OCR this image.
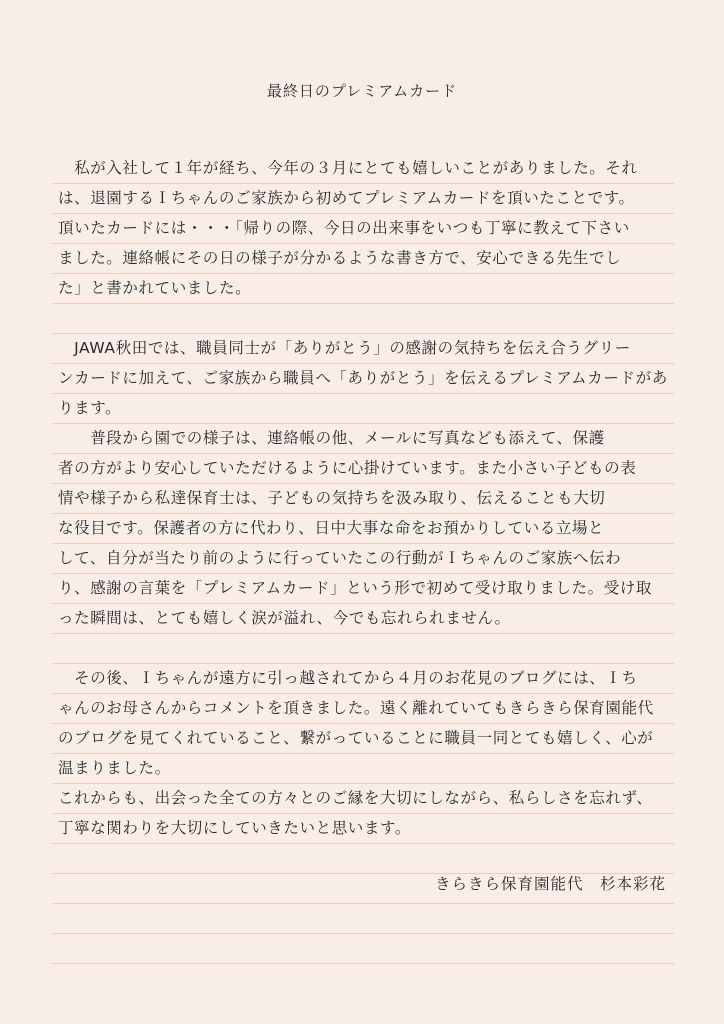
最終日のプレミアムカード
　私が入社して１年が経ち、今年の３月にとても嬉しいことがありました。それ
は、退園するＩちゃんのご家族から初めてプレミアムカードを頂いたことです。
頂いたカードには・・・「帰りの際、今日の出来事をいつも丁寧に教えて下さい
ました。連絡帳にその日の様子が分かるような書き方で、安心できる先生でし
た」と書かれていました。
　JAWA秋田では、職員同士が「ありがとう」の感謝の気持ちを伝え合うグリー
ンカードに加えて、ご家族から職員へ「ありがとう」を伝えるプレミアムカードがあ
ります。
　　普段から園での様子は、連絡帳の他、メールに写真なども添えて、保護
者の方がより安心していただけるように心掛けています。また小さい子どもの表
情や様子から私達保育士は、子どもの気持ちを汲み取り、伝えることも大切
な役目です。保護者の方に代わり、日中大事な命をお預かりしている立場と
して、自分が当たり前のように行っていたこの行動がＩちゃんのご家族へ伝わ
り、感謝の言葉を「プレミアムカード」という形で初めて受け取りました。受け取
った瞬間は、とても嬉しく涙が溢れ、今でも忘れられません。
　その後、Ｉちゃんが遠方に引っ越されてから４月のお花見のブログには、Ｉち
ゃんのお母さんからコメントを頂きました。遠く離れていてもきらきら保育園能代
のブログを見てくれていること、繋がっていることに職員一同とても嬉しく、心が
温まりました。
これからも、出会った全ての方々とのご縁を大切にしながら、私らしさを忘れず、
丁寧な関わりを大切にしていきたいと思います。
きらきら保育園能代　杉本彩花
